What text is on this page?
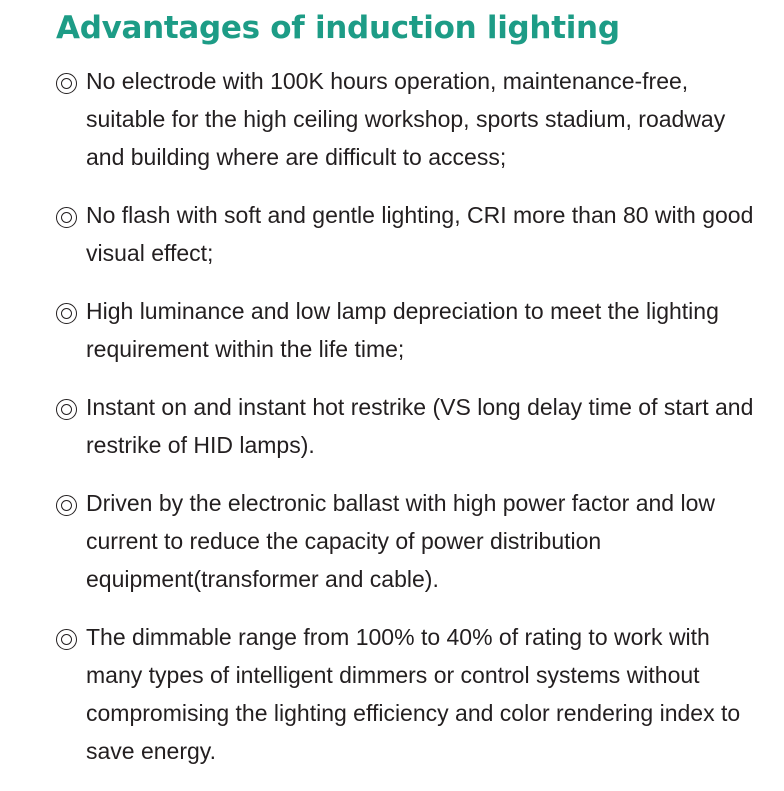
Advantages of induction lighting
No electrode with 100K hours operation, maintenance-free, suitable for the high ceiling workshop, sports stadium, roadway and building where are difficult to access;
No flash with soft and gentle lighting, CRI more than 80 with good visual effect;
High luminance and low lamp depreciation to meet the lighting requirement within the life time;
Instant on and instant hot restrike (VS long delay time of start and restrike of HID lamps).
Driven by the electronic ballast with high power factor and low current to reduce the capacity of power distribution equipment(transformer and cable).
The dimmable range from 100% to 40% of rating to work with many types of intelligent dimmers or control systems without compromising the lighting efficiency and color rendering index to save energy.
